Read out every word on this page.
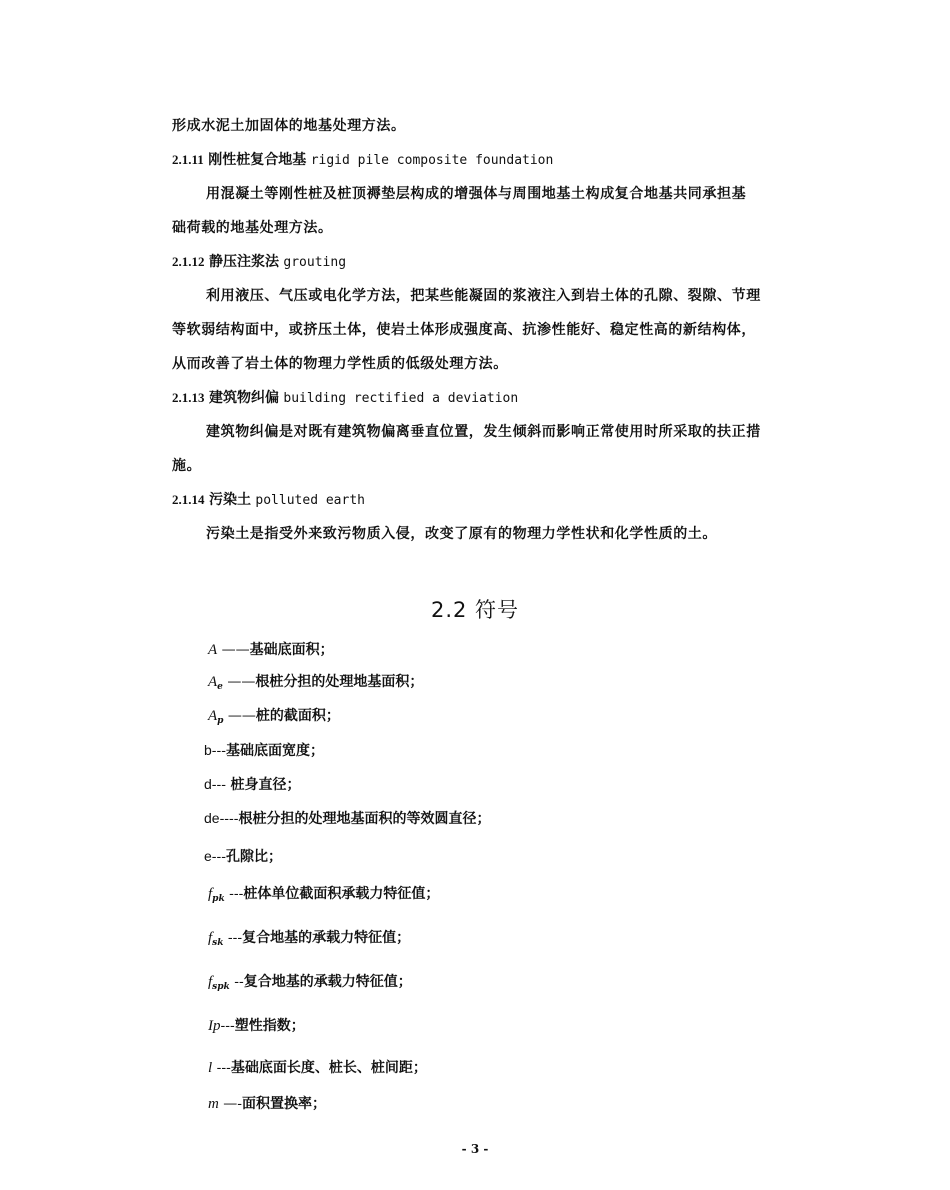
形成水泥土加固体的地基处理方法。
2.1.11 刚性桩复合地基 rigid pile composite foundation
用混凝土等刚性桩及桩顶褥垫层构成的增强体与周围地基土构成复合地基共同承担基
础荷载的地基处理方法。
2.1.12 静压注浆法 grouting
利用液压、气压或电化学方法，把某些能凝固的浆液注入到岩土体的孔隙、裂隙、节理
等软弱结构面中，或挤压土体，使岩土体形成强度高、抗渗性能好、稳定性高的新结构体，
从而改善了岩土体的物理力学性质的低级处理方法。
2.1.13 建筑物纠偏 building rectified a deviation
建筑物纠偏是对既有建筑物偏离垂直位置，发生倾斜而影响正常使用时所采取的扶正措
施。
2.1.14 污染土 polluted earth
污染土是指受外来致污物质入侵，改变了原有的物理力学性状和化学性质的土。
2.2 符号
A ——基础底面积；
$A_e$ ——根桩分担的处理地基面积；
$A_p$ ——桩的截面积；
b---基础底面宽度；
d--- 桩身直径；
de----根桩分担的处理地基面积的等效圆直径；
e---孔隙比；
$f_{pk}$ ---桩体单位截面积承载力特征值；
$f_{sk}$ ---复合地基的承载力特征值；
$f_{spk}$ --复合地基的承载力特征值；
Ip---塑性指数；
l ---基础底面长度、桩长、桩间距；
m —-面积置换率；
- 3 -
